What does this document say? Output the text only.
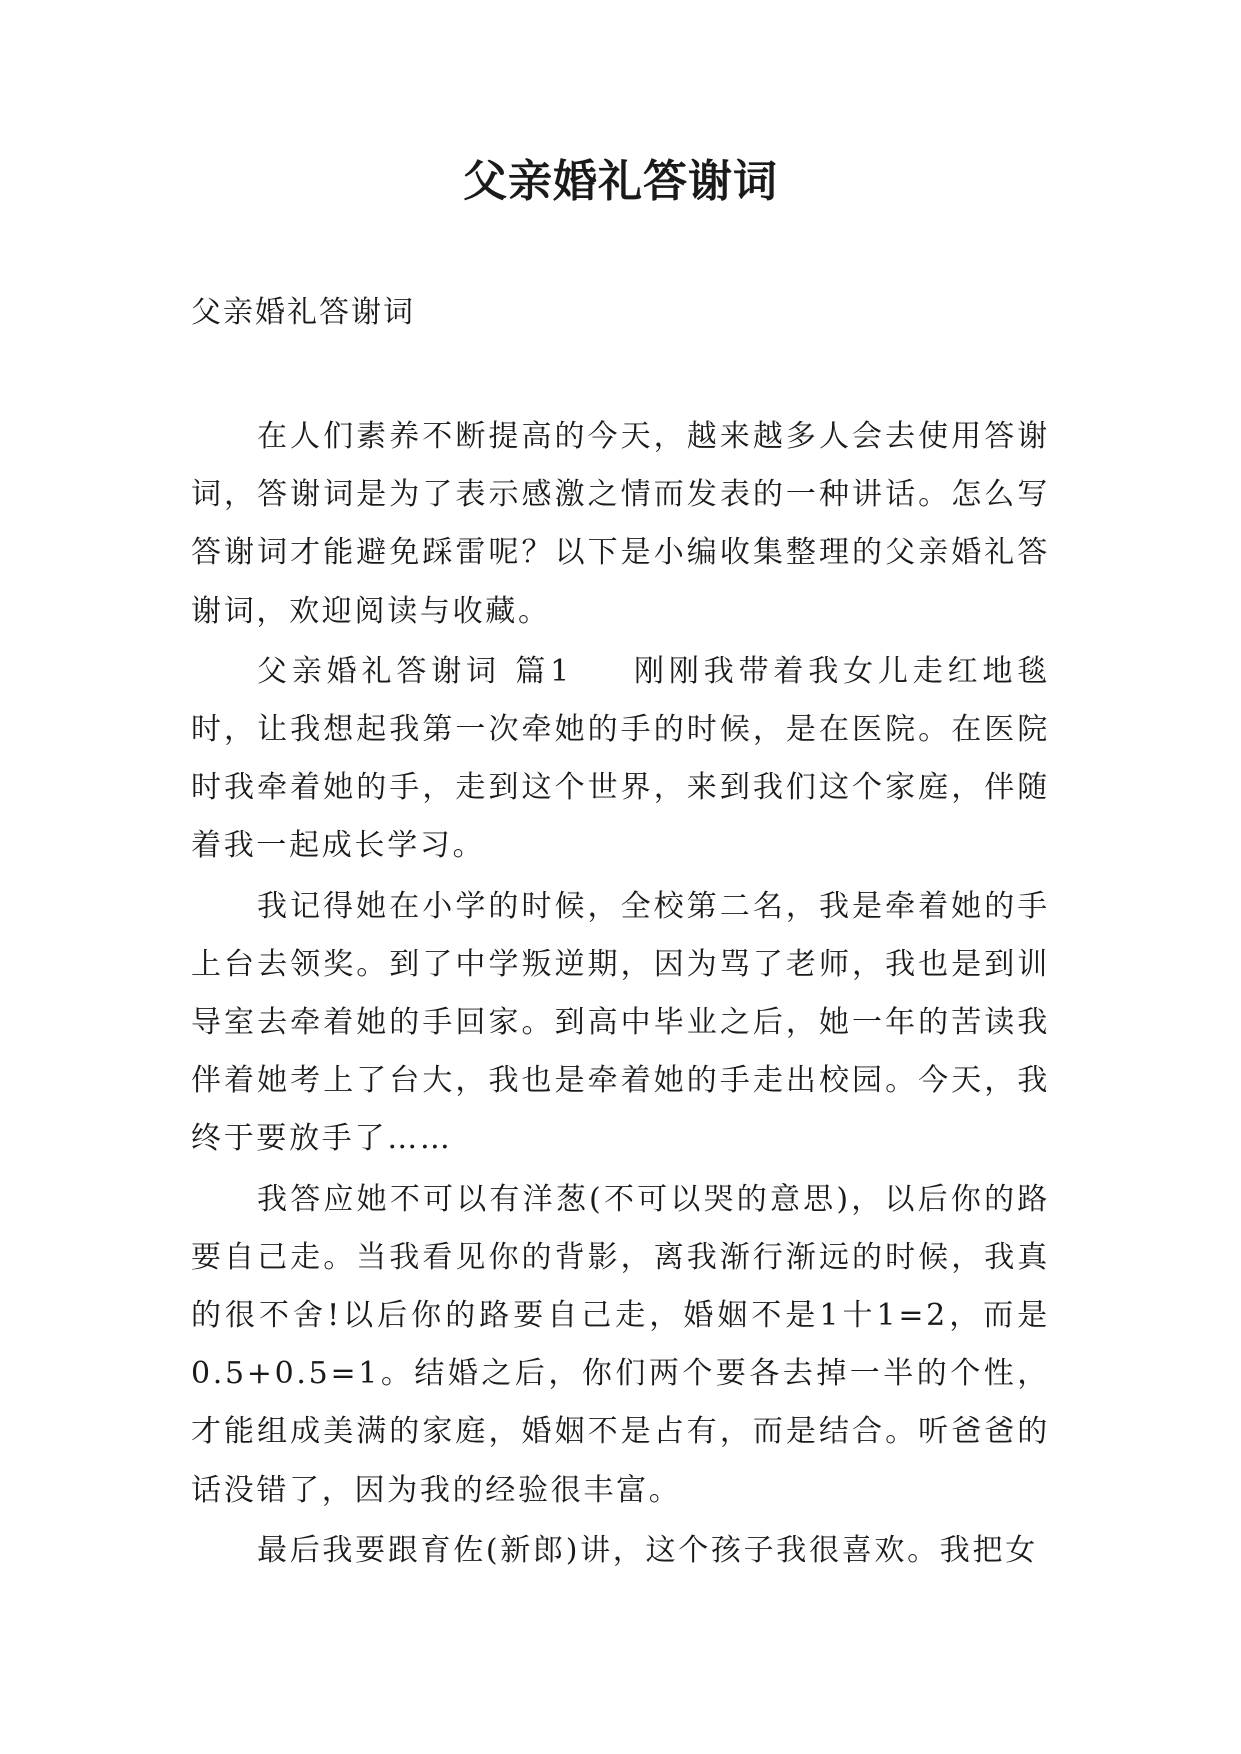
父亲婚礼答谢词

父亲婚礼答谢词

在人们素养不断提高的今天，越来越多人会去使用答谢词，答谢词是为了表示感激之情而发表的一种讲话。怎么写答谢词才能避免踩雷呢？以下是小编收集整理的父亲婚礼答谢词，欢迎阅读与收藏。

父亲婚礼答谢词 篇1 刚刚我带着我女儿走红地毯时，让我想起我第一次牵她的手的时候，是在医院。在医院时我牵着她的手，走到这个世界，来到我们这个家庭，伴随着我一起成长学习。

我记得她在小学的时候，全校第二名，我是牵着她的手上台去领奖。到了中学叛逆期，因为骂了老师，我也是到训导室去牵着她的手回家。到高中毕业之后，她一年的苦读我伴着她考上了台大，我也是牵着她的手走出校园。今天，我终于要放手了……

我答应她不可以有洋葱(不可以哭的意思)，以后你的路要自己走。当我看见你的背影，离我渐行渐远的时候，我真的很不舍!以后你的路要自己走，婚姻不是1十1=2，而是0.5+0.5=1。结婚之后，你们两个要各去掉一半的个性，才能组成美满的家庭，婚姻不是占有，而是结合。听爸爸的话没错了，因为我的经验很丰富。

最后我要跟育佐(新郎)讲，这个孩子我很喜欢。我把女
